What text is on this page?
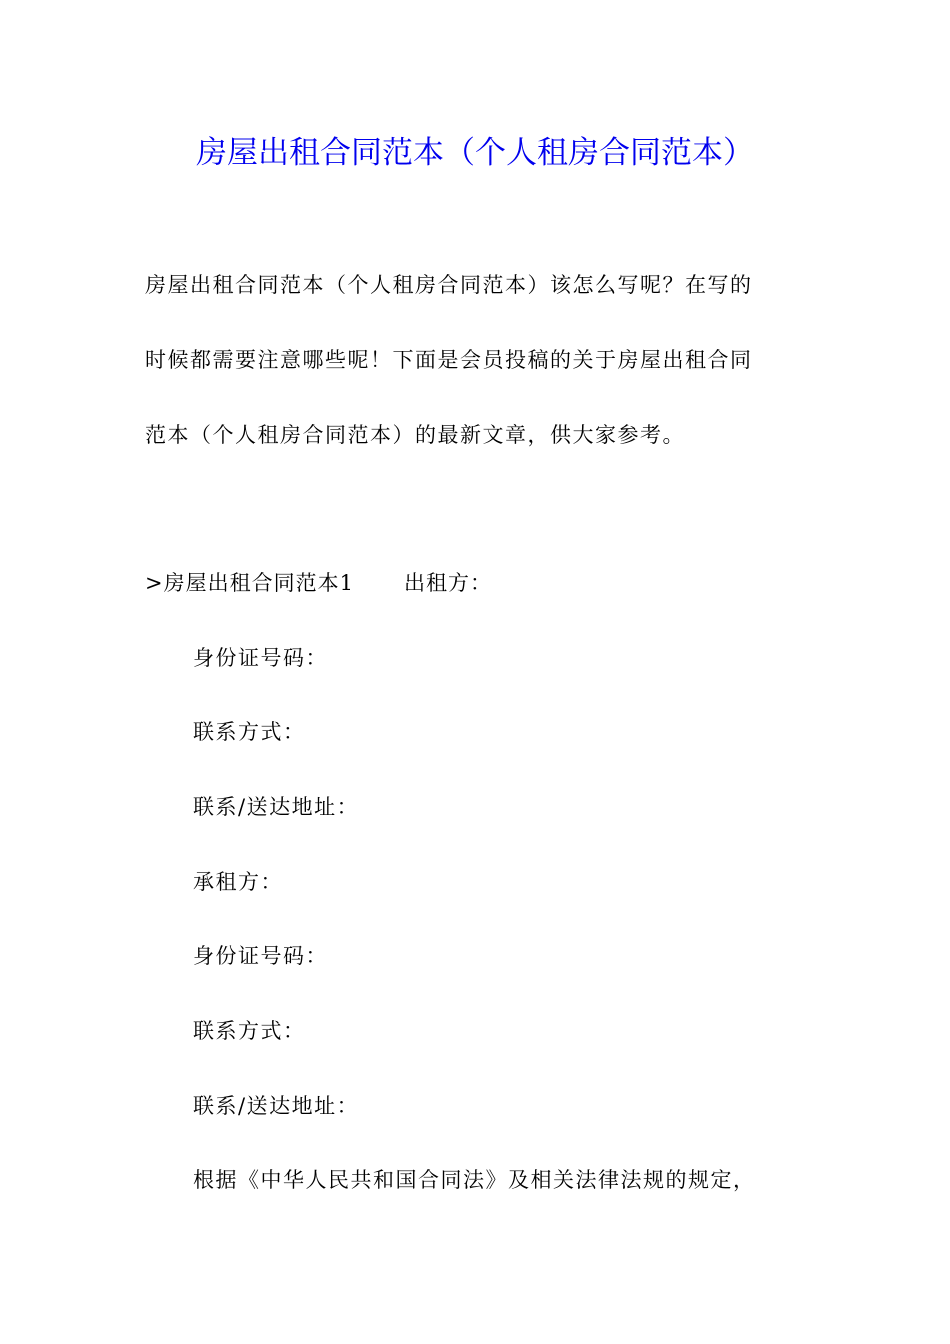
房屋出租合同范本（个人租房合同范本）
房屋出租合同范本（个人租房合同范本）该怎么写呢？在写的
时候都需要注意哪些呢！下面是会员投稿的关于房屋出租合同
范本（个人租房合同范本）的最新文章，供大家参考。
>房屋出租合同范本1 出租方：
身份证号码：
联系方式：
联系/送达地址：
承租方：
身份证号码：
联系方式：
联系/送达地址：
根据《中华人民共和国合同法》及相关法律法规的规定，
